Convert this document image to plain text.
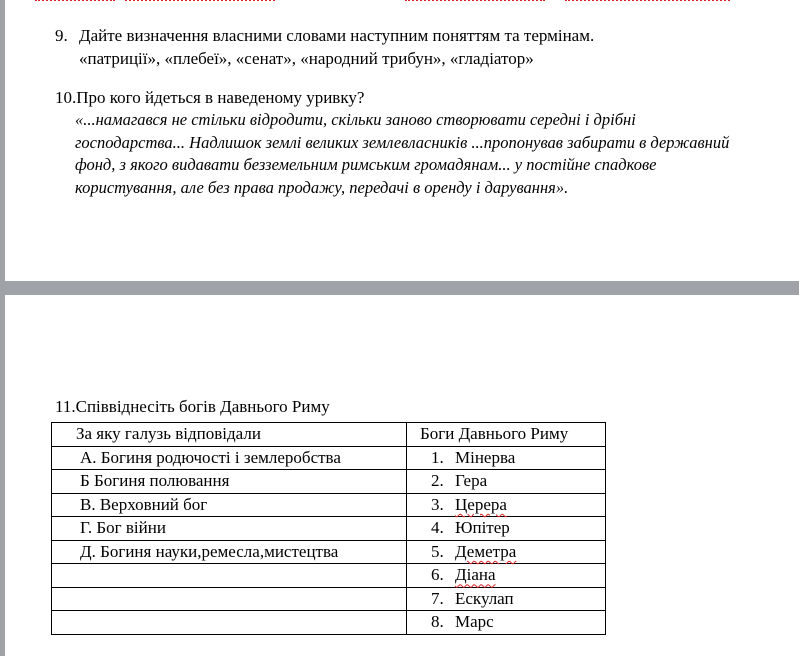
9. Дайте визначення власними словами наступним поняттям та термінам.
«патриції», «плебеї», «сенат», «народний трибун», «гладіатор»
10.Про кого йдеться в наведеному уривку?
«...намагався не стільки відродити, скільки заново створювати середні і дрібні господарства... Надлишок землі великих землевласників ...пропонував забирати в державний фонд, з якого видавати безземельним римським громадянам... у постійне спадкове користування, але без права продажу, передачі в оренду і дарування».
11.Співвіднесіть богів Давнього Риму
За яку галузь відповідали	Боги Давнього Риму
А. Богиня родючості і землеробства	1. Мінерва
Б Богиня полювання	2. Гера
В. Верховний бог	3. Церера
Г. Бог війни	4. Юпітер
Д. Богиня науки,ремесла,мистецтва	5. Деметра
	6. Діана
	7. Ескулап
	8. Марс
